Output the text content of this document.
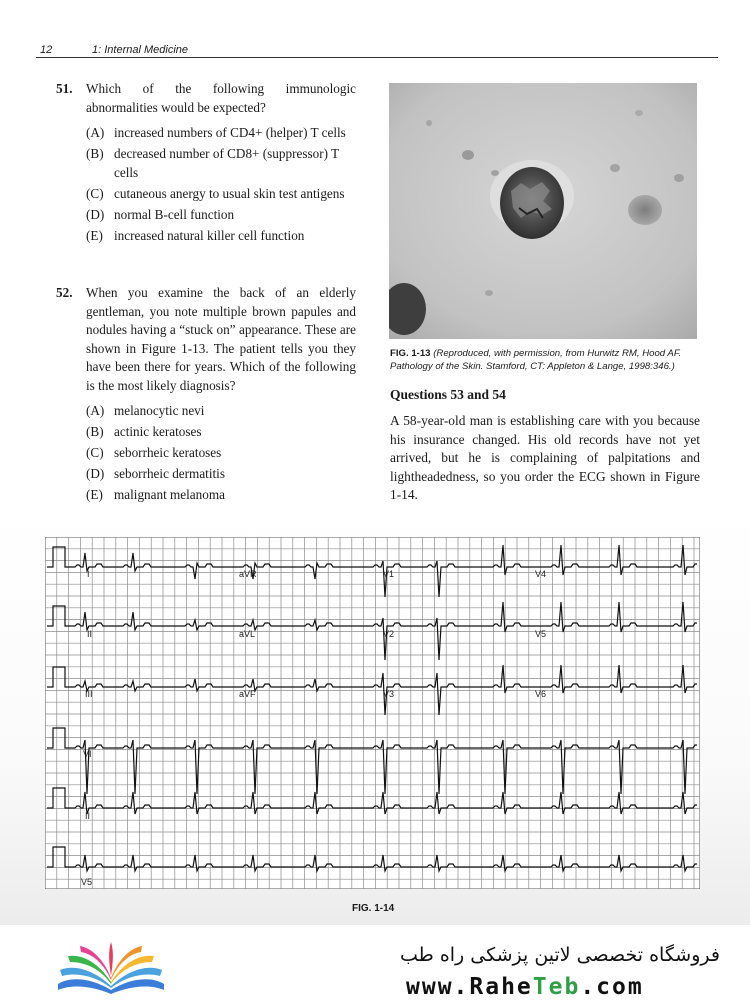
12	1: Internal Medicine
51. Which of the following immunologic abnormalities would be expected?
(A) increased numbers of CD4+ (helper) T cells
(B) decreased number of CD8+ (suppressor) T cells
(C) cutaneous anergy to usual skin test antigens
(D) normal B-cell function
(E) increased natural killer cell function
52. When you examine the back of an elderly gentleman, you note multiple brown papules and nodules having a “stuck on” appearance. These are shown in Figure 1-13. The patient tells you they have been there for years. Which of the following is the most likely diagnosis?
(A) melanocytic nevi
(B) actinic keratoses
(C) seborrheic keratoses
(D) seborrheic dermatitis
(E) malignant melanoma
FIG. 1-13 (Reproduced, with permission, from Hurwitz RM, Hood AF. Pathology of the Skin. Stamford, CT: Appleton & Lange, 1998:346.)
Questions 53 and 54
A 58-year-old man is establishing care with you because his insurance changed. His old records have not yet arrived, but he is complaining of palpitations and lightheadedness, so you order the ECG shown in Figure 1-14.
I	aVR	V1	V4
II	aVL	V2	V5
III	aVF	V3	V6
VI
II
V5
FIG. 1-14
فروشگاه تخصصی لاتین پزشکی راه طب
www.RaheTeb.com
